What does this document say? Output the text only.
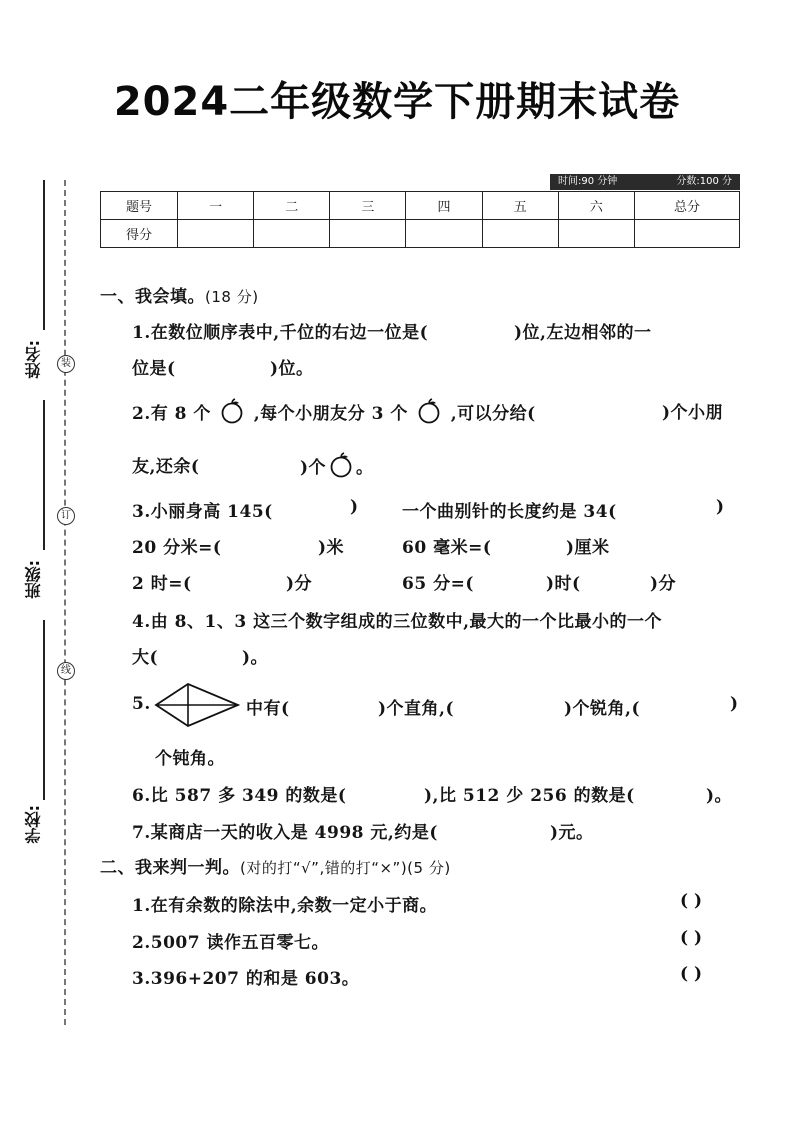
2024二年级数学下册期末试卷
时间:90 分钟	分数:100 分
题号	一	二	三	四	五	六	总分
得分							
姓名:
班级:
学校:
装
订
线
一、我会填。(18 分)
1.在数位顺序表中,千位的右边一位是(	)位,左边相邻的一
位是(	)位。
2.有 8 个	,每个小朋友分 3 个	,可以分给(	)个小朋
友,还余(	)个 。
3.小丽身高 145(	)	一个曲别针的长度约是 34(	)
20 分米=(	)米	60 毫米=(	)厘米
2 时=(	)分	65 分=(	)时(	)分
4.由 8、1、3 这三个数字组成的三位数中,最大的一个比最小的一个
大(	)。
5.	中有(	)个直角,(	)个锐角,(	)
个钝角。
6.比 587 多 349 的数是(	),比 512 少 256 的数是(	)。
7.某商店一天的收入是 4998 元,约是(	)元。
二、我来判一判。(对的打“√”,错的打“×”)(5 分)
1.在有余数的除法中,余数一定小于商。	( )
2.5007 读作五百零七。	( )
3.396+207 的和是 603。	( )
